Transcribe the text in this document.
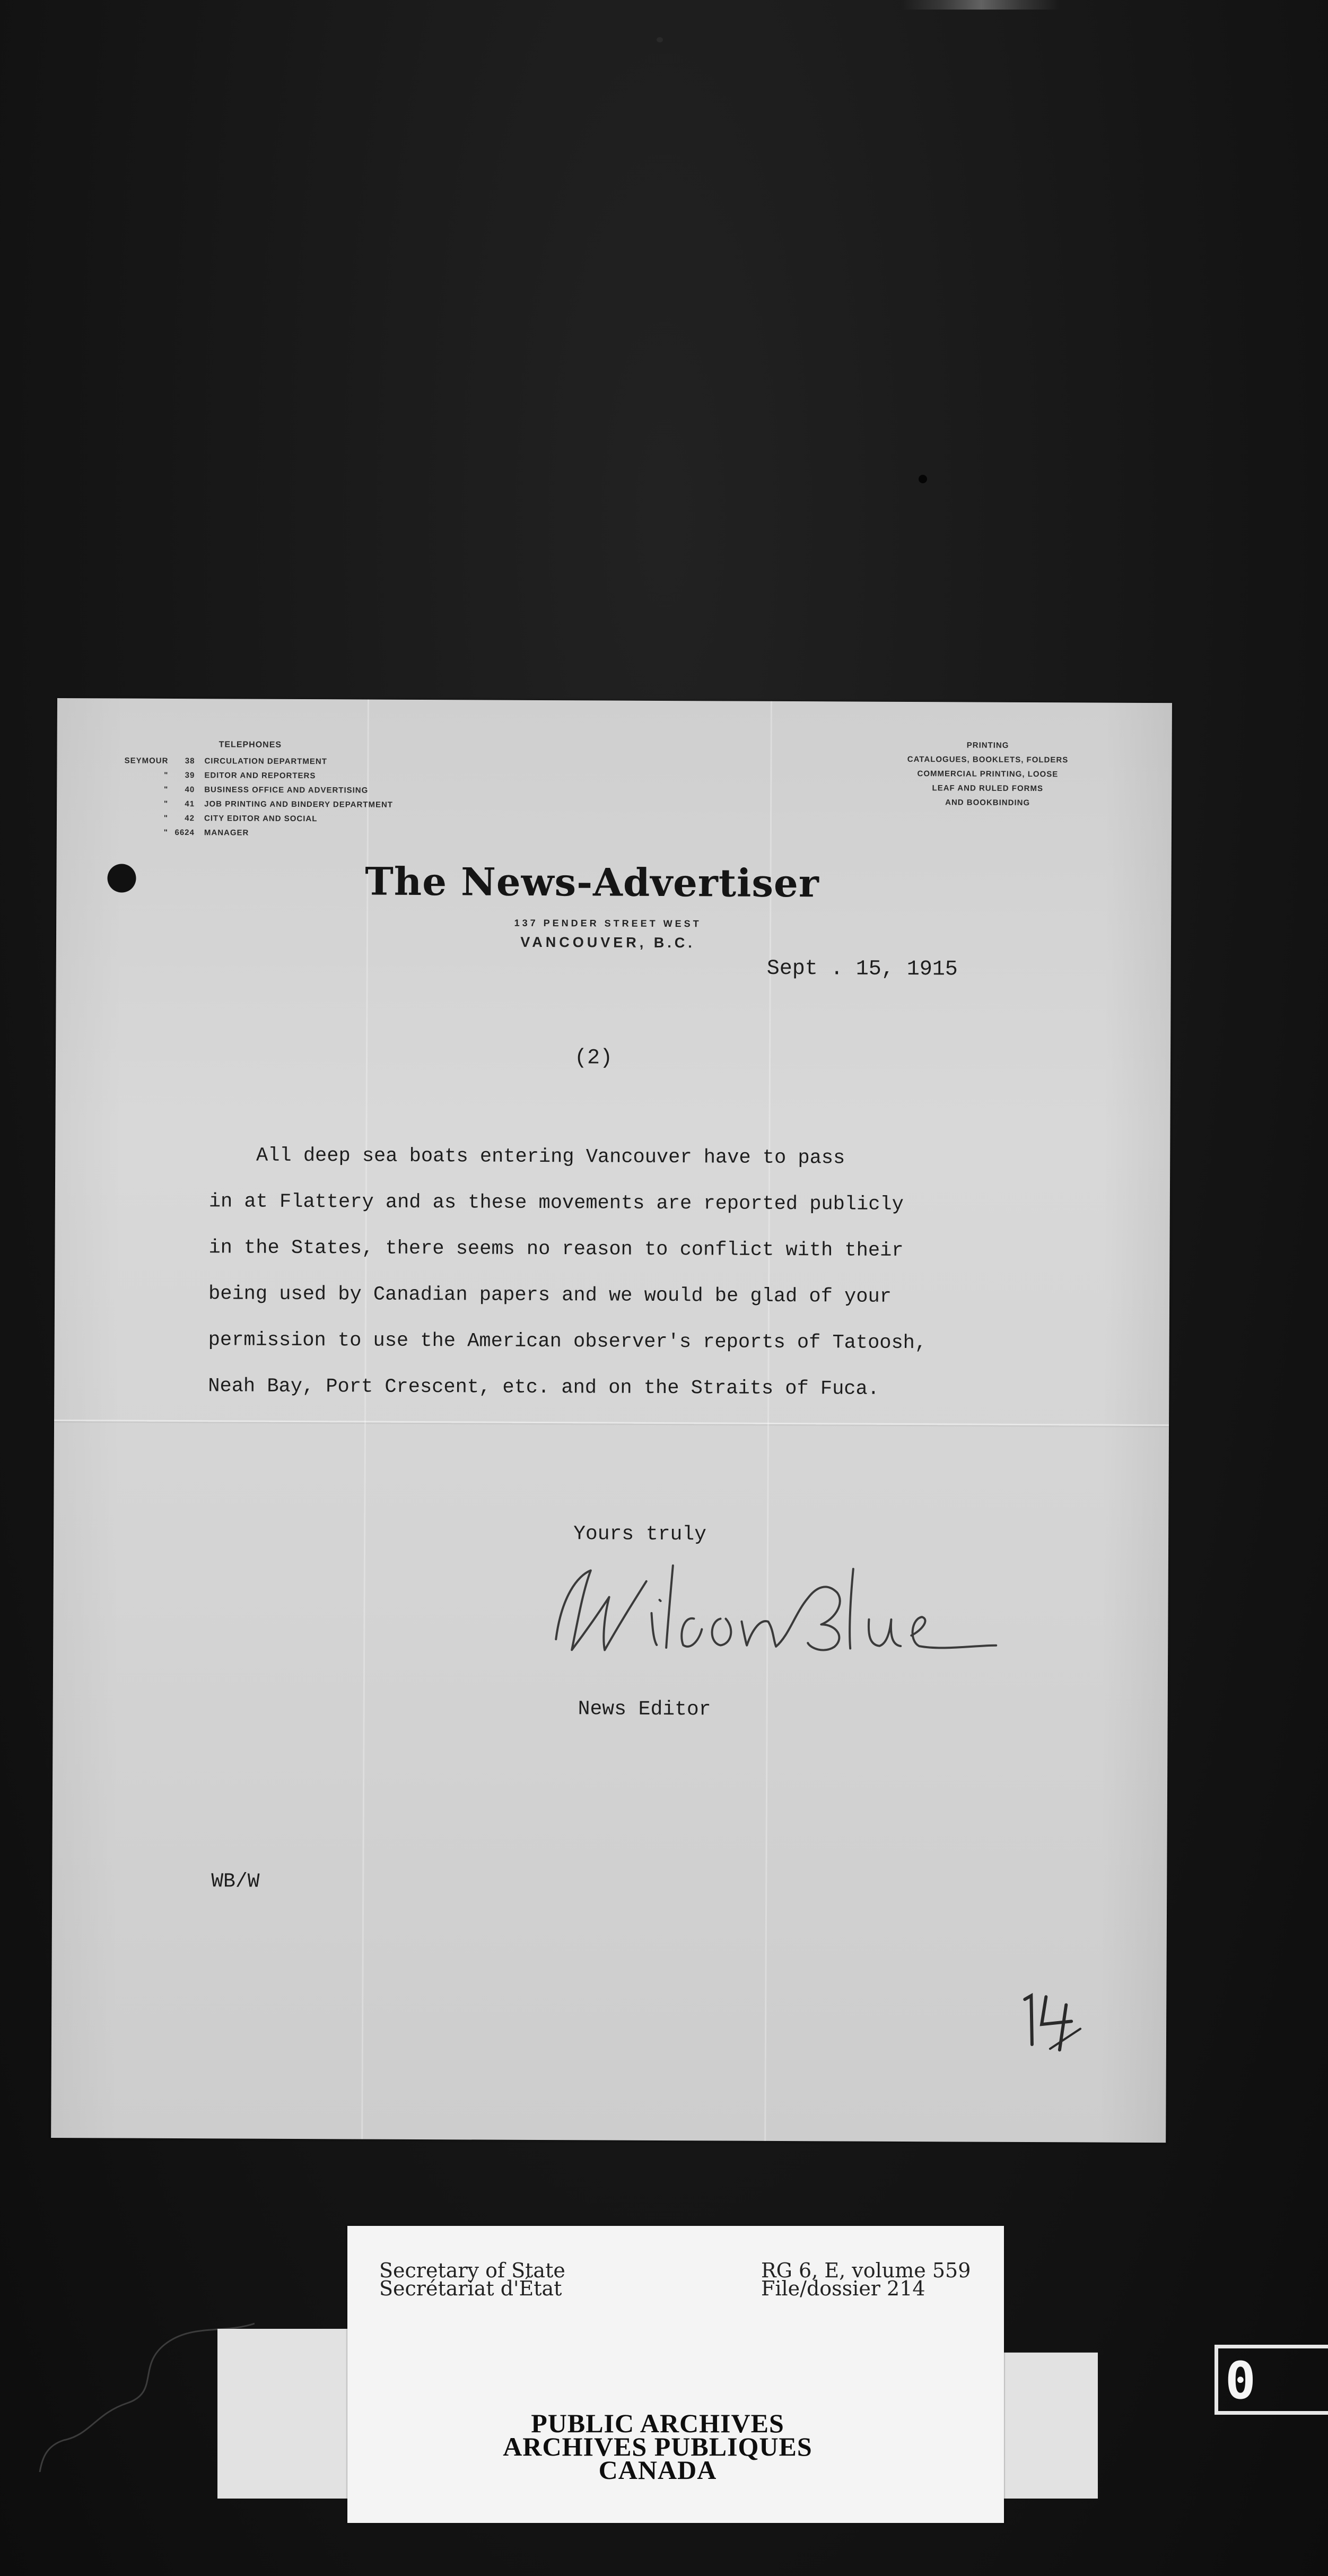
TELEPHONES
SEYMOUR	38	CIRCULATION DEPARTMENT
"	39	EDITOR AND REPORTERS
"	40	BUSINESS OFFICE AND ADVERTISING
"	41	JOB PRINTING AND BINDERY DEPARTMENT
"	42	CITY EDITOR AND SOCIAL
" 6624	MANAGER
PRINTING
CATALOGUES, BOOKLETS, FOLDERS
COMMERCIAL PRINTING, LOOSE
LEAF AND RULED FORMS
AND BOOKBINDING
The News-Advertiser
137 PENDER STREET WEST
VANCOUVER, B.C.
Sept . 15, 1915
(2)
All deep sea boats entering Vancouver have to pass
in at Flattery and as these movements are reported publicly
in the States, there seems no reason to conflict with their
being used by Canadian papers and we would be glad of your
permission to use the American observer's reports of Tatoosh,
Neah Bay, Port Crescent, etc. and on the Straits of Fuca.
Yours truly
News Editor
WB/W
Secretary of State
Secrétariat d'État
RG 6, E, volume 559
File/dossier 214
PUBLIC ARCHIVES
ARCHIVES PUBLIQUES
CANADA
0
